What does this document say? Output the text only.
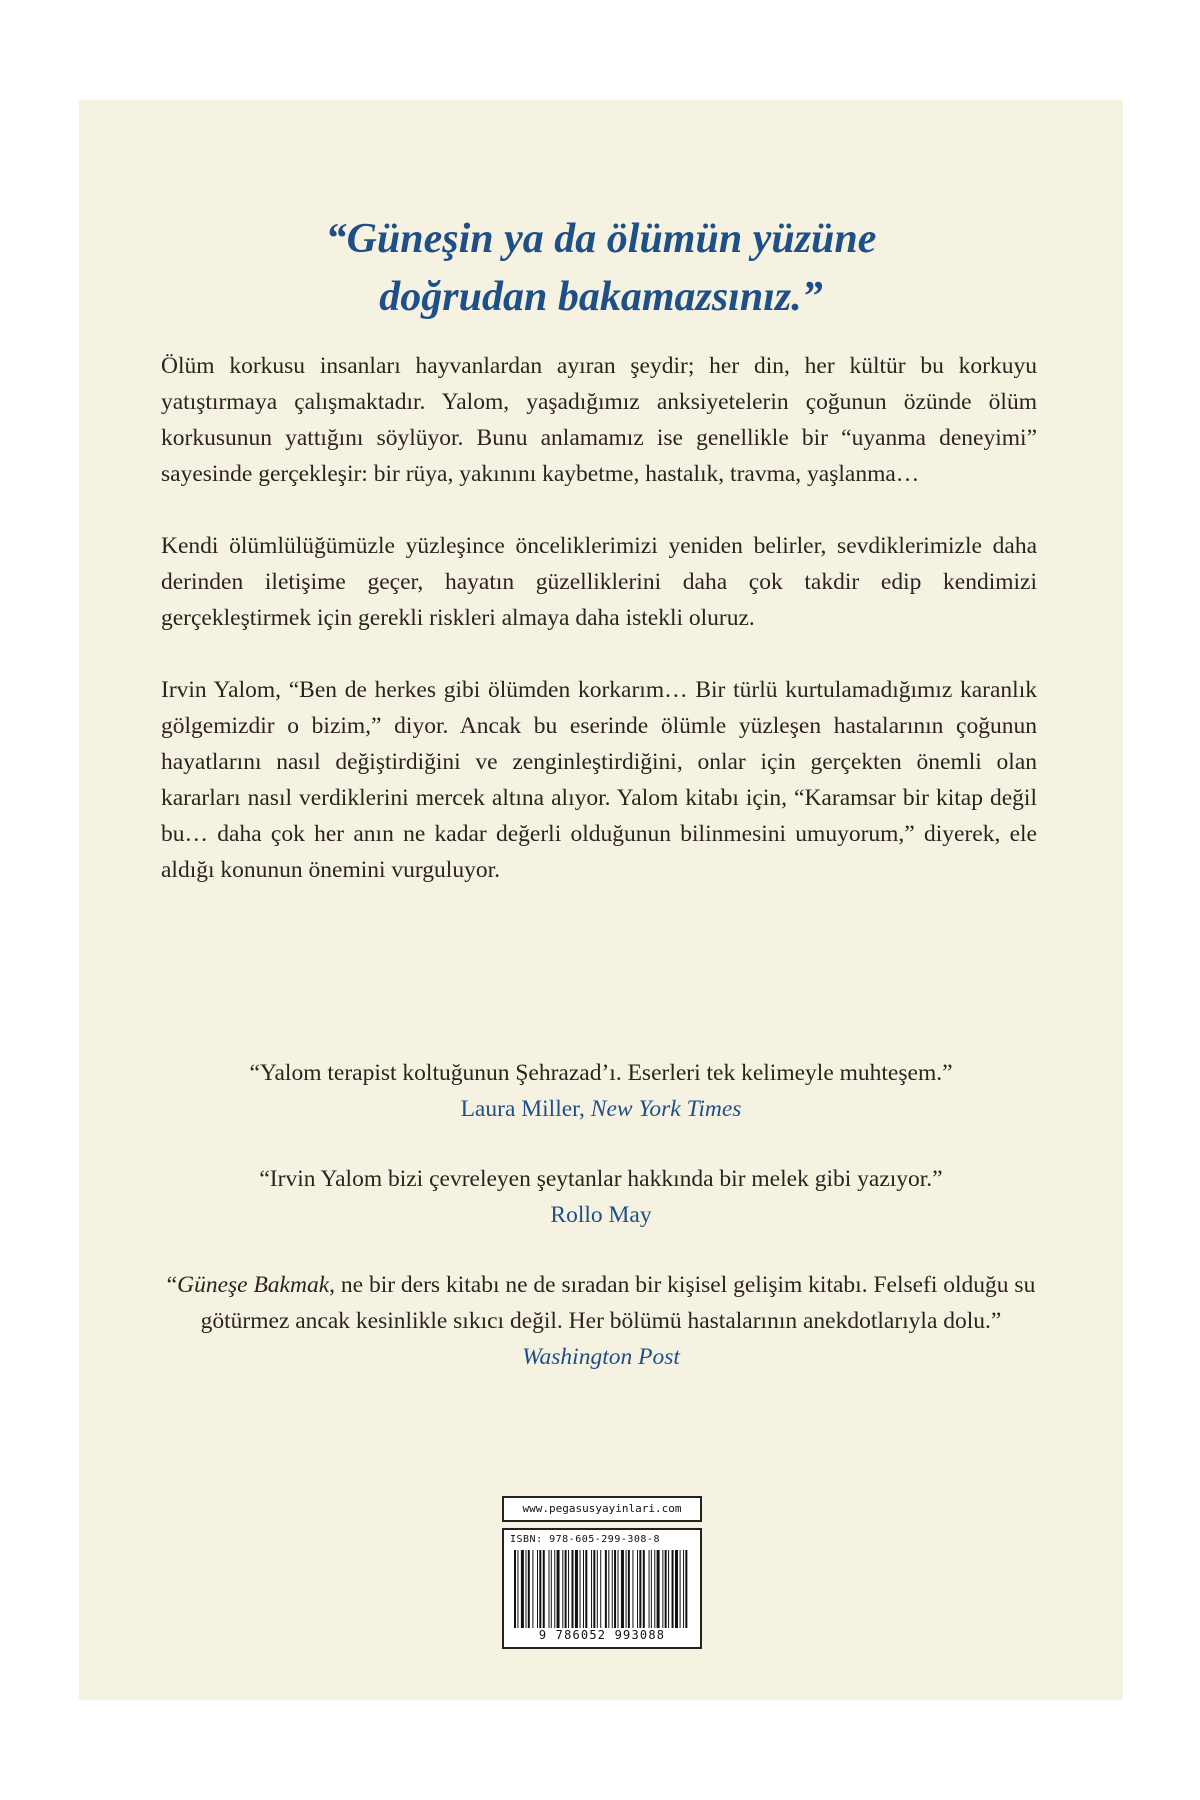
“Güneşin ya da ölümün yüzüne
doğrudan bakamazsınız.”

Ölüm korkusu insanları hayvanlardan ayıran şeydir; her din, her kültür bu korkuyu yatıştırmaya çalışmaktadır. Yalom, yaşadığımız anksiyetelerin çoğunun özünde ölüm korkusunun yattığını söylüyor. Bunu anlamamız ise genellikle bir “uyanma deneyimi” sayesinde gerçekleşir: bir rüya, yakınını kaybetme, hastalık, travma, yaşlanma…

Kendi ölümlülüğümüzle yüzleşince önceliklerimizi yeniden belirler, sevdiklerimizle daha derinden iletişime geçer, hayatın güzelliklerini daha çok takdir edip kendimizi gerçekleştirmek için gerekli riskleri almaya daha istekli oluruz.

Irvin Yalom, “Ben de herkes gibi ölümden korkarım… Bir türlü kurtulamadığımız karanlık gölgemizdir o bizim,” diyor. Ancak bu eserinde ölümle yüzleşen hastalarının çoğunun hayatlarını nasıl değiştirdiğini ve zenginleştirdiğini, onlar için gerçekten önemli olan kararları nasıl verdiklerini mercek altına alıyor. Yalom kitabı için, “Karamsar bir kitap değil bu… daha çok her anın ne kadar değerli olduğunun bilinmesini umuyorum,” diyerek, ele aldığı konunun önemini vurguluyor.

“Yalom terapist koltuğunun Şehrazad’ı. Eserleri tek kelimeyle muhteşem.”
Laura Miller, New York Times
“Irvin Yalom bizi çevreleyen şeytanlar hakkında bir melek gibi yazıyor.”
Rollo May
“Güneşe Bakmak, ne bir ders kitabı ne de sıradan bir kişisel gelişim kitabı. Felsefi olduğu su götürmez ancak kesinlikle sıkıcı değil. Her bölümü hastalarının anekdotlarıyla dolu.”
Washington Post
www.pegasusyayinlari.com
ISBN: 978-605-299-308-8
9 786052 993088
